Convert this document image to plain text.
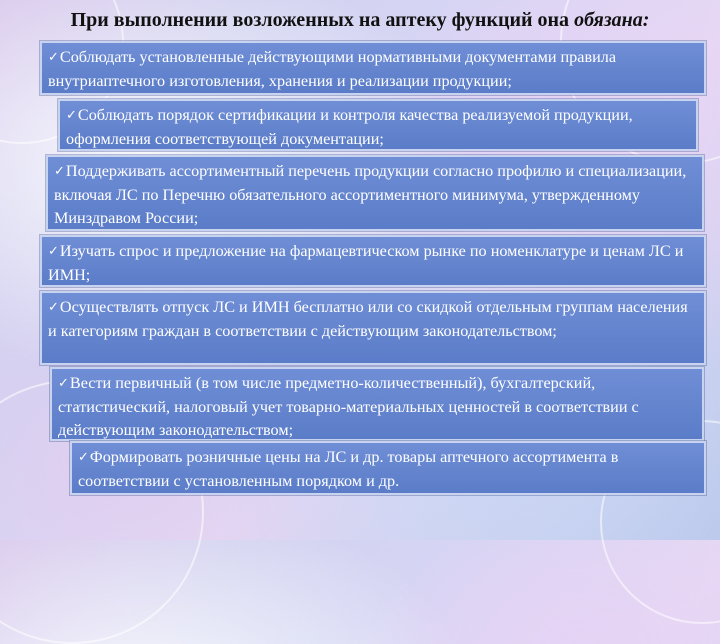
При выполнении возложенных на аптеку функций она обязана:
✓Соблюдать установленные действующими нормативными документами правила внутриаптечного изготовления, хранения и реализации продукции;
✓Соблюдать порядок сертификации и контроля качества реализуемой продукции, оформления соответствующей документации;
✓Поддерживать ассортиментный перечень продукции согласно профилю и специализации, включая ЛС по Перечню обязательного ассортиментного минимума, утвержденному Минздравом России;
✓Изучать спрос и предложение на фармацевтическом рынке по номенклатуре и ценам ЛС и ИМН;
✓Осуществлять отпуск ЛС и ИМН бесплатно или со скидкой отдельным группам населения и категориям граждан в соответствии с действующим законодательством;
✓Вести первичный (в том числе предметно-количественный), бухгалтерский, статистический, налоговый учет товарно-материальных ценностей в соответствии с действующим законодательством;
✓Формировать розничные цены на ЛС и др. товары аптечного ассортимента в соответствии с установленным порядком и др.
